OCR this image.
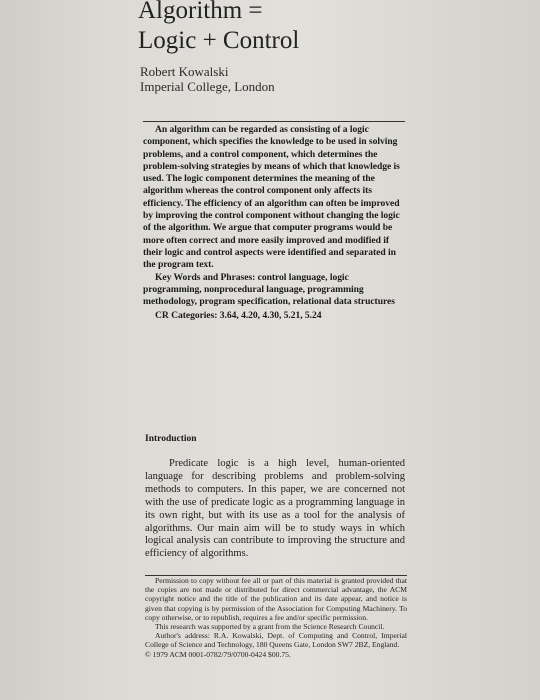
Algorithm =
Logic + Control
Robert Kowalski
Imperial College, London

An algorithm can be regarded as consisting of a logic component, which specifies the knowledge to be used in solving problems, and a control component, which determines the problem-solving strategies by means of which that knowledge is used. The logic component determines the meaning of the algorithm whereas the control component only affects its efficiency. The efficiency of an algorithm can often be improved by improving the control component without changing the logic of the algorithm. We argue that computer programs would be more often correct and more easily improved and modified if their logic and control aspects were identified and separated in the program text.

Key Words and Phrases: control language, logic programming, nonprocedural language, programming methodology, program specification, relational data structures

CR Categories: 3.64, 4.20, 4.30, 5.21, 5.24

Introduction

Predicate logic is a high level, human-oriented language for describing problems and problem-solving methods to computers. In this paper, we are concerned not with the use of predicate logic as a programming language in its own right, but with its use as a tool for the analysis of algorithms. Our main aim will be to study ways in which logical analysis can contribute to improving the structure and efficiency of algorithms.

Permission to copy without fee all or part of this material is granted provided that the copies are not made or distributed for direct commercial advantage, the ACM copyright notice and the title of the publication and its date appear, and notice is given that copying is by permission of the Association for Computing Machinery. To copy otherwise, or to republish, requires a fee and/or specific permission.

This research was supported by a grant from the Science Research Council.

Author's address: R.A. Kowalski, Dept. of Computing and Control, Imperial College of Science and Technology, 180 Queens Gate, London SW7 2BZ, England.

© 1979 ACM 0001-0782/79/0700-0424 $00.75.
